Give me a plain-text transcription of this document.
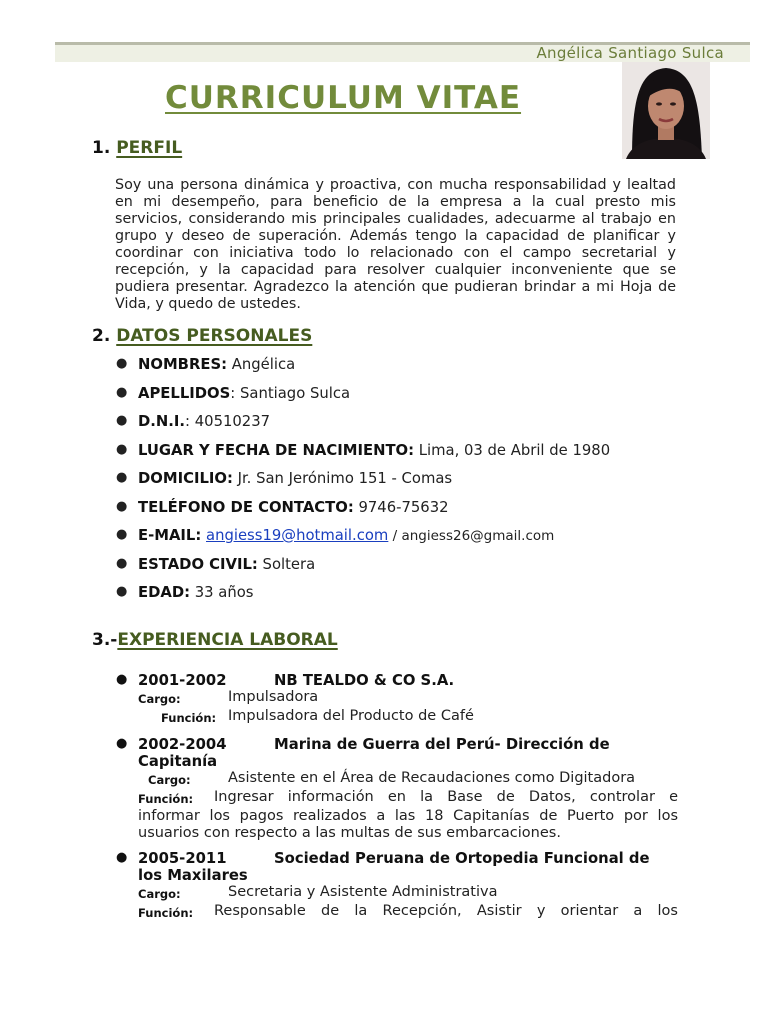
Angélica Santiago Sulca
CURRICULUM VITAE
1. PERFIL
Soy una persona dinámica y proactiva, con mucha responsabilidad y lealtad en mi desempeño, para beneficio de la empresa a la cual presto mis servicios, considerando mis principales cualidades, adecuarme al trabajo en grupo y deseo de superación. Además tengo la capacidad de planificar y coordinar con iniciativa todo lo relacionado con el campo secretarial y recepción, y la capacidad para resolver cualquier inconveniente que se pudiera presentar. Agradezco la atención que pudieran brindar a mi Hoja de Vida, y quedo de ustedes.
2. DATOS PERSONALES
● NOMBRES: Angélica
● APELLIDOS: Santiago Sulca
● D.N.I.: 40510237
● LUGAR Y FECHA DE NACIMIENTO: Lima, 03 de Abril de 1980
● DOMICILIO: Jr. San Jerónimo 151 - Comas
● TELÉFONO DE CONTACTO: 9746-75632
● E-MAIL: angiess19@hotmail.com / angiess26@gmail.com
● ESTADO CIVIL: Soltera
● EDAD: 33 años
3.-EXPERIENCIA LABORAL
● 2001-2002	NB TEALDO & CO S.A.
Cargo:	Impulsadora
Función: Impulsadora del Producto de Café
● 2002-2004	Marina de Guerra del Perú- Dirección de
Capitanía
Cargo:	Asistente en el Área de Recaudaciones como Digitadora
Función:	Ingresar información en la Base de Datos, controlar e
informar los pagos realizados a las 18 Capitanías de Puerto por los usuarios con respecto a las multas de sus embarcaciones.
● 2005-2011	Sociedad Peruana de Ortopedia Funcional de
los Maxilares
Cargo:	Secretaria y Asistente Administrativa
Función:	Responsable de la Recepción, Asistir y orientar a los
